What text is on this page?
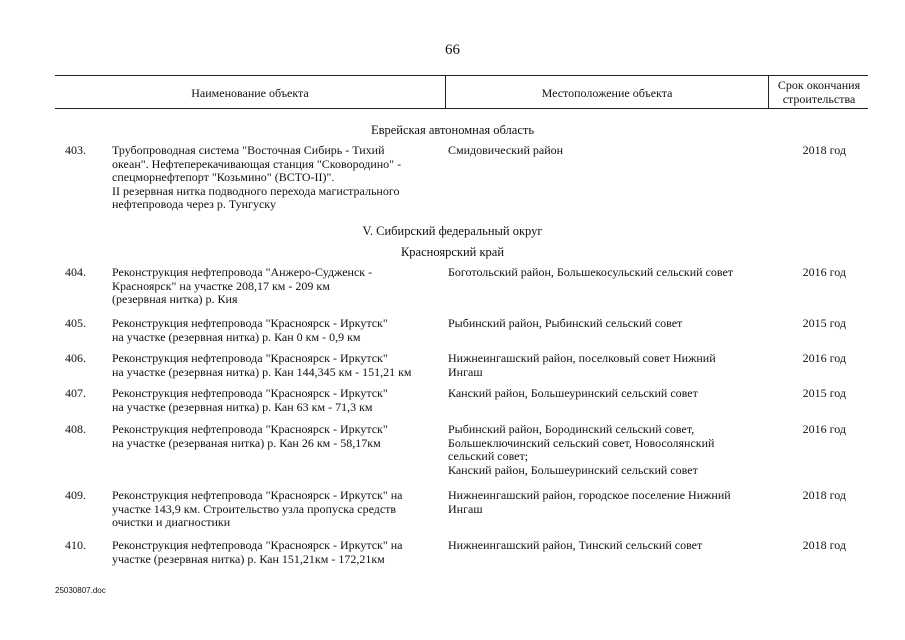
66
Наименование объекта	Местоположение объекта
Срок окончания
строительства
Еврейская автономная область
V. Сибирский федеральный округ
Красноярский край
403. Трубопроводная система "Восточная Сибирь - Тихий
океан". Нефтеперекачивающая станция "Сковородино" -
спецморнефтепорт "Козьмино" (ВСТО-II)".
II резервная нитка подводного перехода магистрального
нефтепровода через р. Тунгуску
Смидовический район	2018 год
404. Реконструкция нефтепровода "Анжеро-Судженск -
Красноярск" на участке 208,17 км - 209 км
(резервная нитка) р. Кия
Боготольский район, Большекосульский сельский совет	2016 год
405. Реконструкция нефтепровода "Красноярск - Иркутск"
на участке (резервная нитка) р. Кан 0 км - 0,9 км
Рыбинский район, Рыбинский сельский совет	2015 год
406. Реконструкция нефтепровода "Красноярск - Иркутск"
на участке (резервная нитка) р. Кан 144,345 км - 151,21 км
Нижнеингашский район, поселковый совет Нижний
Ингаш
2016 год
407. Реконструкция нефтепровода "Красноярск - Иркутск"
на участке (резервная нитка) р. Кан 63 км - 71,3 км
Канский район, Большеуринский сельский совет	2015 год
408. Реконструкция нефтепровода "Красноярск - Иркутск"
на участке (резерваная нитка) р. Кан 26 км - 58,17км
Рыбинский район, Бородинский сельский совет,
Большеключинский сельский совет, Новосолянский
сельский совет;
Канский район, Большеуринский сельский совет
2016 год
409. Реконструкция нефтепровода "Красноярск - Иркутск" на
участке 143,9 км. Строительство узла пропуска средств
очистки и диагностики
Нижнеингашский район, городское поселение Нижний
Ингаш
2018 год
410. Реконструкция нефтепровода "Красноярск - Иркутск" на
участке (резервная нитка) р. Кан 151,21км - 172,21км
Нижнеингашский район, Тинский сельский совет	2018 год
25030807.doc
